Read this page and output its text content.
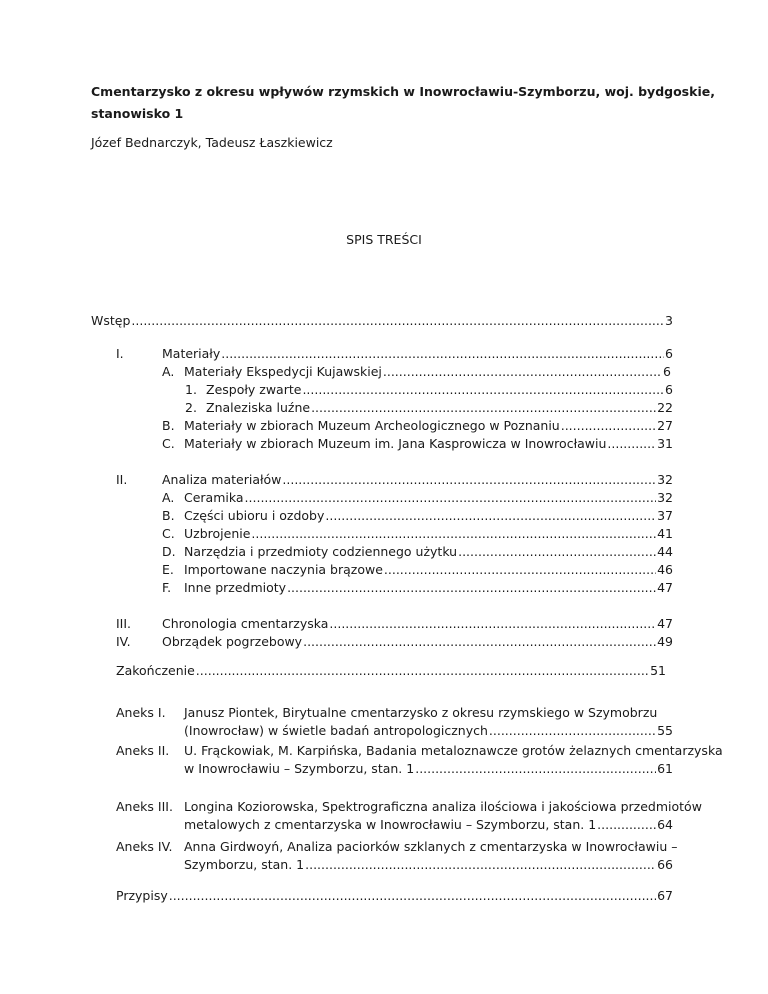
Cmentarzysko z okresu wpływów rzymskich w Inowrocławiu-Szymborzu, woj. bydgoskie,
stanowisko 1
Józef Bednarczyk, Tadeusz Łaszkiewicz
SPIS TREŚCI
Wstęp .....	3
I.	Materiały .....	6
A. Materiały Ekspedycji Kujawskiej .....	6
1. Zespoły zwarte .....	6
2. Znaleziska luźne .....	22
B. Materiały w zbiorach Muzeum Archeologicznego w Poznaniu .....	27
C. Materiały w zbiorach Muzeum im. Jana Kasprowicza w Inowrocławiu .....	31
II.	Analiza materiałów .....	32
A. Ceramika .....	32
B. Części ubioru i ozdoby .....	37
C. Uzbrojenie .....	41
D. Narzędzia i przedmioty codziennego użytku .....	44
E. Importowane naczynia brązowe .....	46
F. Inne przedmioty .....	47
III. Chronologia cmentarzyska .....	47
IV.	Obrządek pogrzebowy .....	49
Zakończenie .....	51
Aneks I. Janusz Piontek, Birytualne cmentarzysko z okresu rzymskiego w Szymobrzu
(Inowrocław) w świetle badań antropologicznych .....	55
Aneks II. U. Frąckowiak, M. Karpińska, Badania metaloznawcze grotów żelaznych cmentarzyska
w Inowrocławiu – Szymborzu, stan. 1 .....	61
Aneks III. Longina Koziorowska, Spektrograficzna analiza ilościowa i jakościowa przedmiotów
metalowych z cmentarzyska w Inowrocławiu – Szymborzu, stan. 1 .....	64
Aneks IV. Anna Girdwoyń, Analiza paciorków szklanych z cmentarzyska w Inowrocławiu –
Szymborzu, stan. 1 .....	66
Przypisy .....	67
